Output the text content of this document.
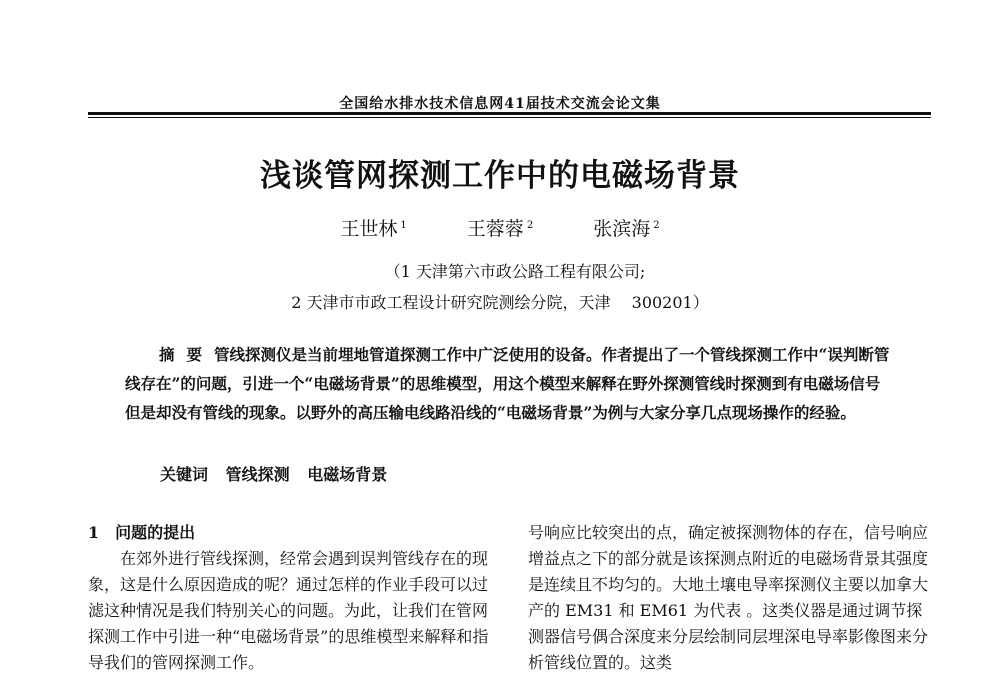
全国给水排水技术信息网41届技术交流会论文集
浅谈管网探测工作中的电磁场背景
王世林 $^1$	王蓉蓉 $^2$	张滨海 $^2$
（1 天津第六市政公路工程有限公司;
2 天津市市政工程设计研究院测绘分院，天津　 300201）
摘要管线探测仪是当前埋地管道探测工作中广泛使用的设备。作者提出了一个管线探测工作中“误判断管线存在”的问题，引进一个“电磁场背景”的思维模型，用这个模型来解释在野外探测管线时探测到有电磁场信号但是却没有管线的现象。以野外的高压输电线路沿线的“电磁场背景”为例与大家分享几点现场操作的经验。
关键词 管线探测 电磁场背景

1　问题的提出

在郊外进行管线探测，经常会遇到误判管线存在的现象，这是什么原因造成的呢？通过怎样的作业手段可以过滤这种情况是我们特别关心的问题。为此，让我们在管网探测工作中引进一种“电磁场背景”的思维模型来解释和指导我们的管网探测工作。

号响应比较突出的点，确定被探测物体的存在，信号响应增益点之下的部分就是该探测点附近的电磁场背景其强度是连续且不均匀的。大地土壤电导率探测仪主要以加拿大产的 EM31 和 EM61 为代表 。这类仪器是通过调节探测器信号偶合深度来分层绘制同层埋深电导率影像图来分析管线位置的。这类
